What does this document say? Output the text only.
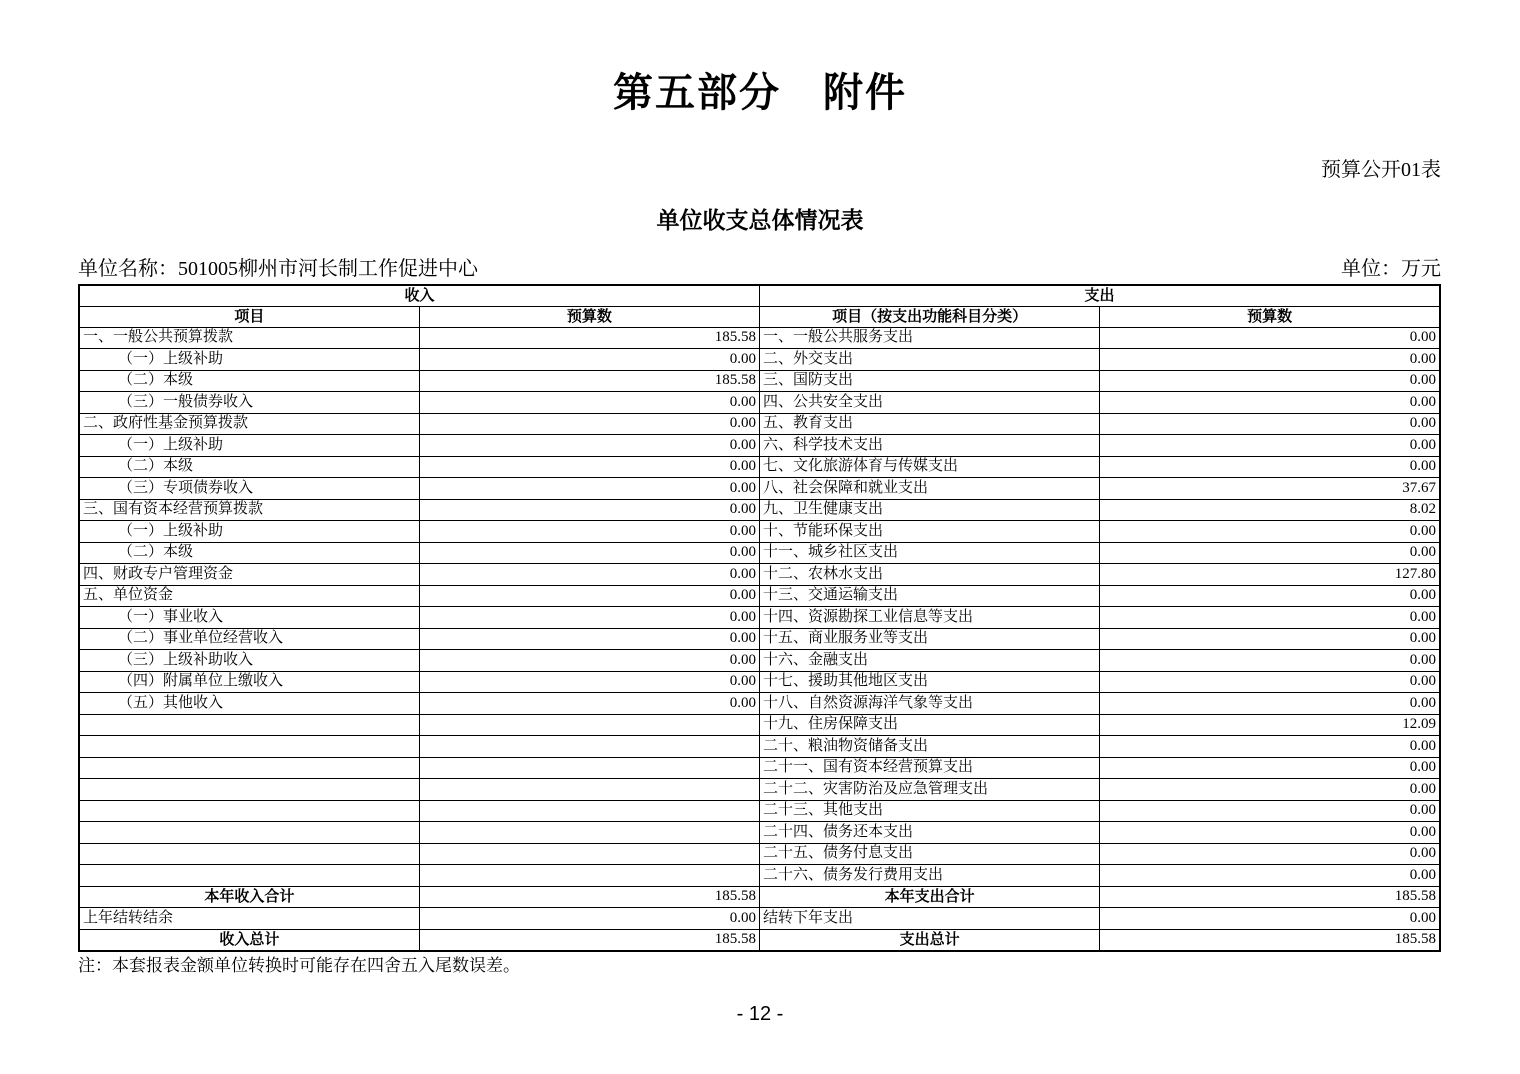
第五部分　附件
预算公开01表
单位收支总体情况表
单位名称：501005柳州市河长制工作促进中心	单位：万元
收入		支出	
项目	预算数	项目（按支出功能科目分类）	预算数
一、一般公共预算拨款	185.58	一、一般公共服务支出	0.00
（一）上级补助	0.00	二、外交支出	0.00
（二）本级	185.58	三、国防支出	0.00
（三）一般债券收入	0.00	四、公共安全支出	0.00
二、政府性基金预算拨款	0.00	五、教育支出	0.00
（一）上级补助	0.00	六、科学技术支出	0.00
（二）本级	0.00	七、文化旅游体育与传媒支出	0.00
（三）专项债券收入	0.00	八、社会保障和就业支出	37.67
三、国有资本经营预算拨款	0.00	九、卫生健康支出	8.02
（一）上级补助	0.00	十、节能环保支出	0.00
（二）本级	0.00	十一、城乡社区支出	0.00
四、财政专户管理资金	0.00	十二、农林水支出	127.80
五、单位资金	0.00	十三、交通运输支出	0.00
（一）事业收入	0.00	十四、资源勘探工业信息等支出	0.00
（二）事业单位经营收入	0.00	十五、商业服务业等支出	0.00
（三）上级补助收入	0.00	十六、金融支出	0.00
（四）附属单位上缴收入	0.00	十七、援助其他地区支出	0.00
（五）其他收入	0.00	十八、自然资源海洋气象等支出	0.00
		十九、住房保障支出	12.09
		二十、粮油物资储备支出	0.00
		二十一、国有资本经营预算支出	0.00
		二十二、灾害防治及应急管理支出	0.00
		二十三、其他支出	0.00
		二十四、债务还本支出	0.00
		二十五、债务付息支出	0.00
		二十六、债务发行费用支出	0.00
本年收入合计	185.58	本年支出合计	185.58
上年结转结余	0.00	结转下年支出	0.00
收入总计	185.58	支出总计	185.58
注：本套报表金额单位转换时可能存在四舍五入尾数误差。
- 12 -
